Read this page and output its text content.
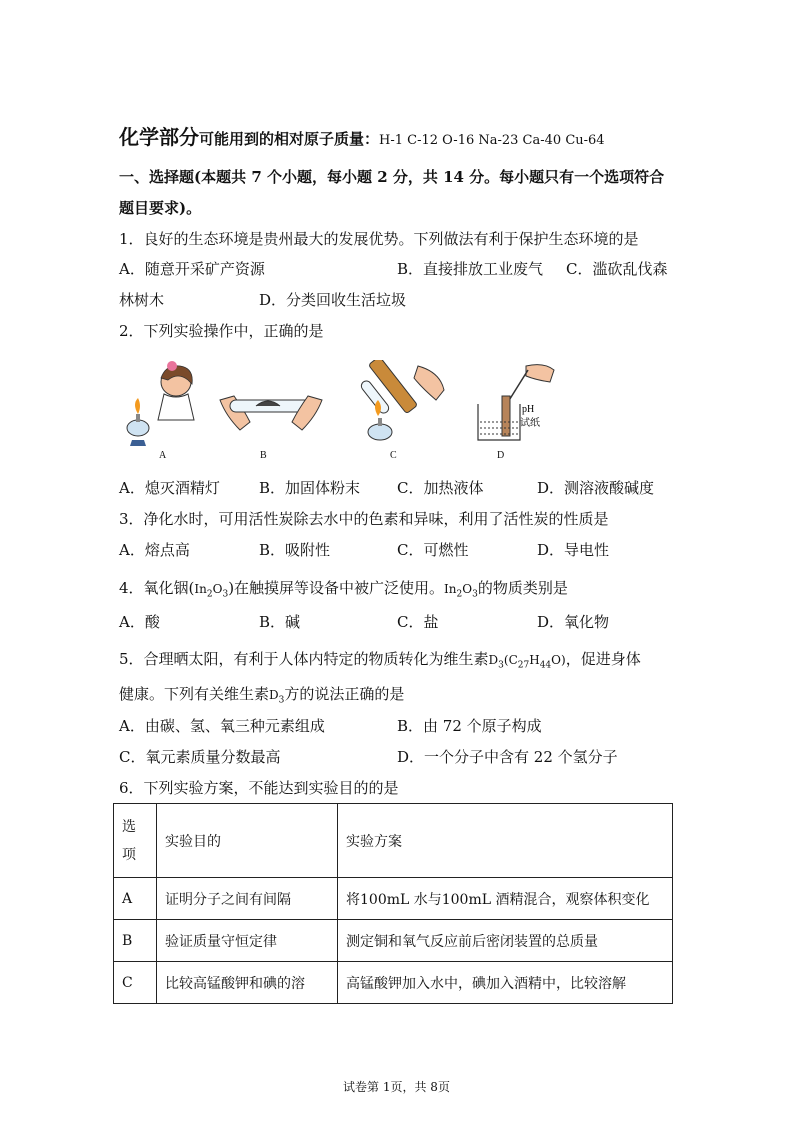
化学部分可能用到的相对原子质量：H-1 C-12 O-16 Na-23 Ca-40 Cu-64
一、选择题(本题共 7 个小题，每小题 2 分，共 14 分。每小题只有一个选项符合
题目要求)。
1．良好的生态环境是贵州最大的发展优势。下列做法有利于保护生态环境的是
A．随意开采矿产资源	B．直接排放工业废气 C．滥砍乱伐森
林树木	D．分类回收生活垃圾
2．下列实验操作中，正确的是
A	B	C
pH
试纸
D
A．熄灭酒精灯	B．加固体粉末 C．加热液体	D．测溶液酸碱度
3．净化水时，可用活性炭除去水中的色素和异味，利用了活性炭的性质是
A．熔点高	B．吸附性	C．可燃性	D．导电性
4．氧化铟$(In_2O_3)$在触摸屏等设备中被广泛使用。$In_2O_3$的物质类别是
A．酸	B．碱	C．盐	D．氧化物
5．合理晒太阳，有利于人体内特定的物质转化为维生素$D_3(C_{27}H_{44}O)$，促进身体
健康。下列有关维生素$D_3$方的说法正确的是
A．由碳、氢、氧三种元素组成	B．由 72 个原子构成
C．氧元素质量分数最高	D．一个分子中含有 22 个氢分子
6．下列实验方案，不能达到实验目的的是
选
项	实验目的	实验方案
A	证明分子之间有间隔	将100mL 水与100mL 酒精混合，观察体积变化
B	验证质量守恒定律	测定铜和氧气反应前后密闭装置的总质量
C	比较高锰酸钾和碘的溶	高锰酸钾加入水中，碘加入酒精中，比较溶解
试卷第 1页，共 8页
